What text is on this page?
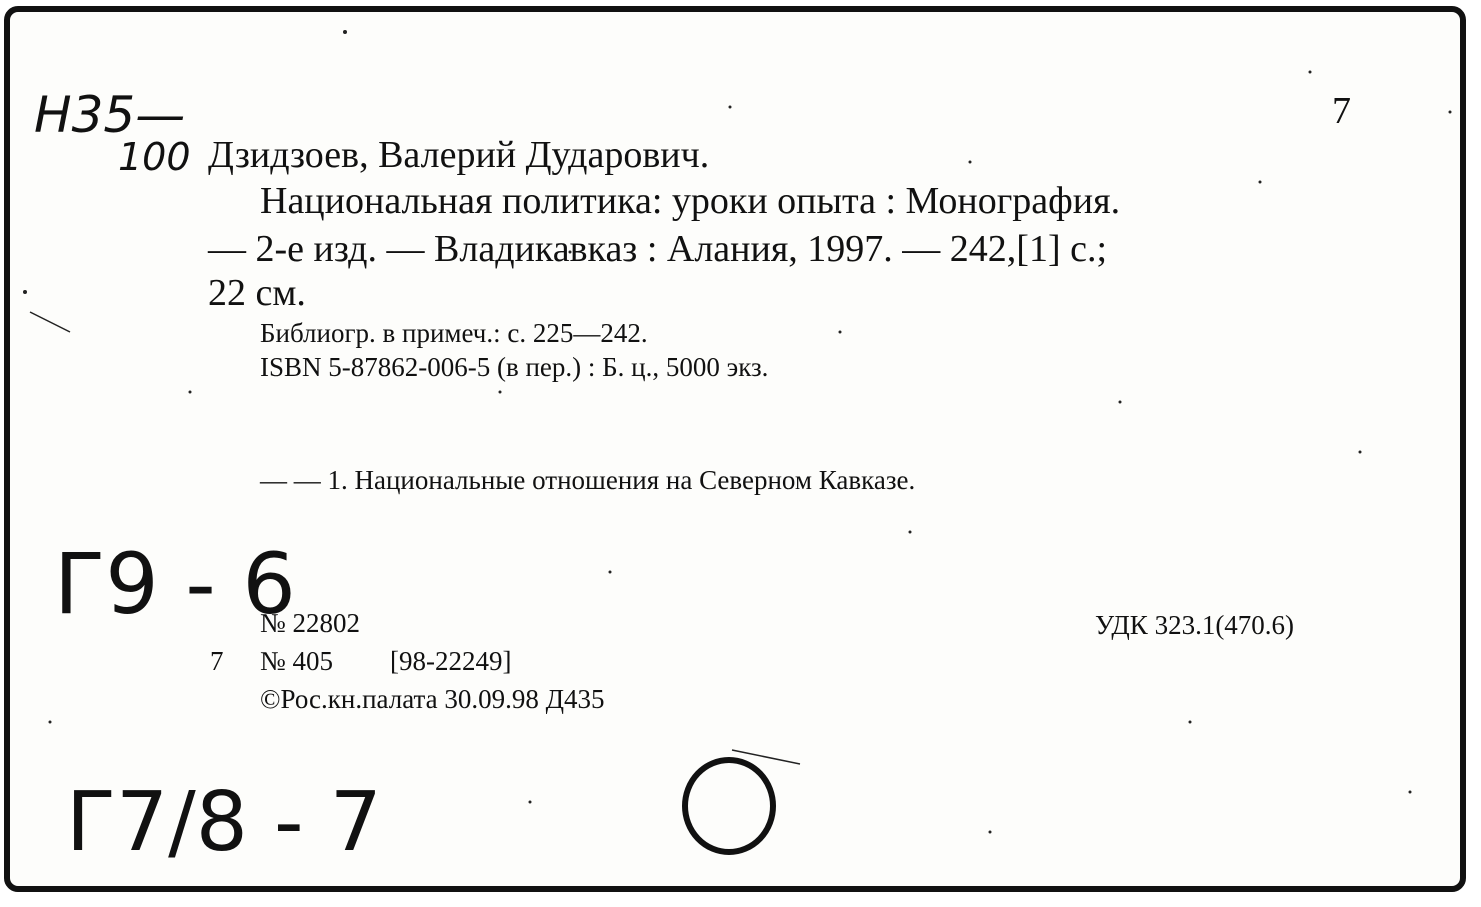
Н35—
100
7
Дзидзоев, Валерий Дударович.
Национальная политика: уроки опыта : Монография.
— 2-е изд. — Владикавказ : Алания, 1997. — 242,[1] с.;
22 см.
Библиогр. в примеч.: с. 225—242.
ISBN 5-87862-006-5 (в пер.) : Б. ц., 5000 экз.
— — 1. Национальные отношения на Северном Кавказе.
Г9 - 6
№ 22802	УДК 323.1(470.6)
7 № 405 [98-22249]
©Рос.кн.палата 30.09.98 Д435
Г7/8 - 7
